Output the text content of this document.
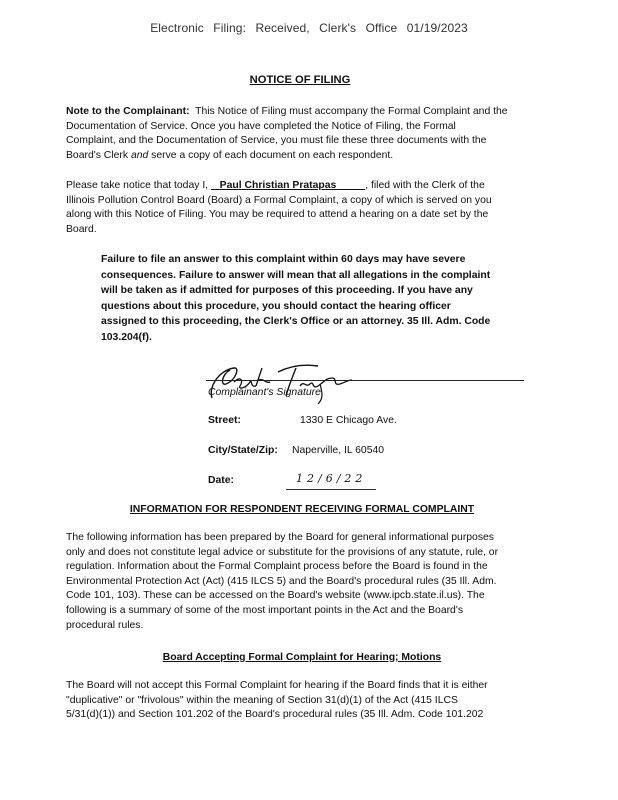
Electronic Filing: Received, Clerk's Office 01/19/2023
NOTICE OF FILING
Note to the Complainant: This Notice of Filing must accompany the Formal Complaint and the
Documentation of Service. Once you have completed the Notice of Filing, the Formal
Complaint, and the Documentation of Service, you must file these three documents with the
Board's Clerk and serve a copy of each document on each respondent.
Please take notice that today I,    Paul Christian Pratapas	, filed with the Clerk of the
Illinois Pollution Control Board (Board) a Formal Complaint, a copy of which is served on you
along with this Notice of Filing. You may be required to attend a hearing on a date set by the
Board.
Failure to file an answer to this complaint within 60 days may have severe
consequences. Failure to answer will mean that all allegations in the complaint
will be taken as if admitted for purposes of this proceeding. If you have any
questions about this procedure, you should contact the hearing officer
assigned to this proceeding, the Clerk's Office or an attorney. 35 Ill. Adm. Code
103.204(f).
Complainant's Signature
Street:	1330 E Chicago Ave.
City/State/Zip: Naperville, IL 60540
Date:	12/6/22
INFORMATION FOR RESPONDENT RECEIVING FORMAL COMPLAINT
The following information has been prepared by the Board for general informational purposes
only and does not constitute legal advice or substitute for the provisions of any statute, rule, or
regulation. Information about the Formal Complaint process before the Board is found in the
Environmental Protection Act (Act) (415 ILCS 5) and the Board's procedural rules (35 Ill. Adm.
Code 101, 103). These can be accessed on the Board's website (www.ipcb.state.il.us). The
following is a summary of some of the most important points in the Act and the Board's
procedural rules.
Board Accepting Formal Complaint for Hearing; Motions
The Board will not accept this Formal Complaint for hearing if the Board finds that it is either
"duplicative" or "frivolous" within the meaning of Section 31(d)(1) of the Act (415 ILCS
5/31(d)(1)) and Section 101.202 of the Board's procedural rules (35 Ill. Adm. Code 101.202
